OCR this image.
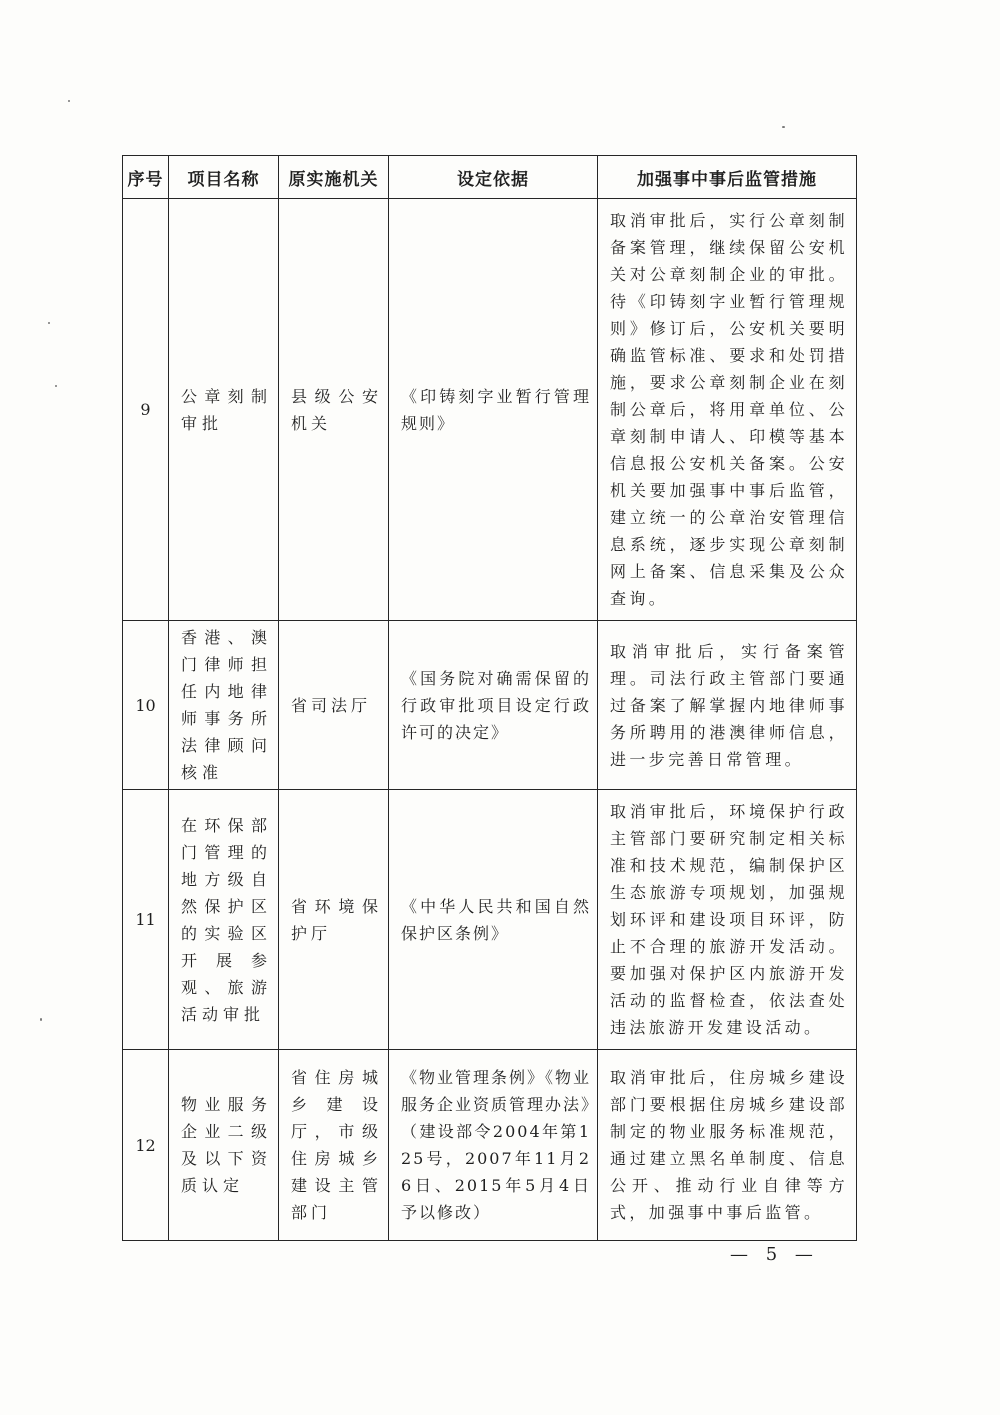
序号	项目名称	原实施机关	设定依据	加强事中事后监管措施
9	公章刻制审批	县级公安机关	《印铸刻字业暂行管理规则》	取消审批后，实行公章刻制备案管理，继续保留公安机关对公章刻制企业的审批。待《印铸刻字业暂行管理规则》修订后，公安机关要明确监管标准、要求和处罚措施，要求公章刻制企业在刻制公章后，将用章单位、公章刻制申请人、印模等基本信息报公安机关备案。公安机关要加强事中事后监管，建立统一的公章治安管理信息系统，逐步实现公章刻制网上备案、信息采集及公众查询。

10	香港、澳门律师担任内地律师事务所法律顾问核准	省司法厅	《国务院对确需保留的行政审批项目设定行政许可的决定》	取消审批后，实行备案管理。司法行政主管部门要通过备案了解掌握内地律师事务所聘用的港澳律师信息，进一步完善日常管理。

11	在环保部门管理的地方级自然保护区的实验区开展参观、旅游活动审批	省环境保护厅	《中华人民共和国自然保护区条例》	取消审批后，环境保护行政主管部门要研究制定相关标准和技术规范，编制保护区生态旅游专项规划，加强规划环评和建设项目环评，防止不合理的旅游开发活动。要加强对保护区内旅游开发活动的监督检查，依法查处违法旅游开发建设活动。

12	物业服务企业二级及以下资质认定	省住房城乡建设厅，市级住房城乡建设主管部门	《物业管理条例》《物业服务企业资质管理办法》（建设部令2004年第125号，2007年11月26日、2015年5月4日予以修改）	取消审批后，住房城乡建设部门要根据住房城乡建设部制定的物业服务标准规范，通过建立黑名单制度、信息公开、推动行业自律等方式，加强事中事后监管。
— 5 —
